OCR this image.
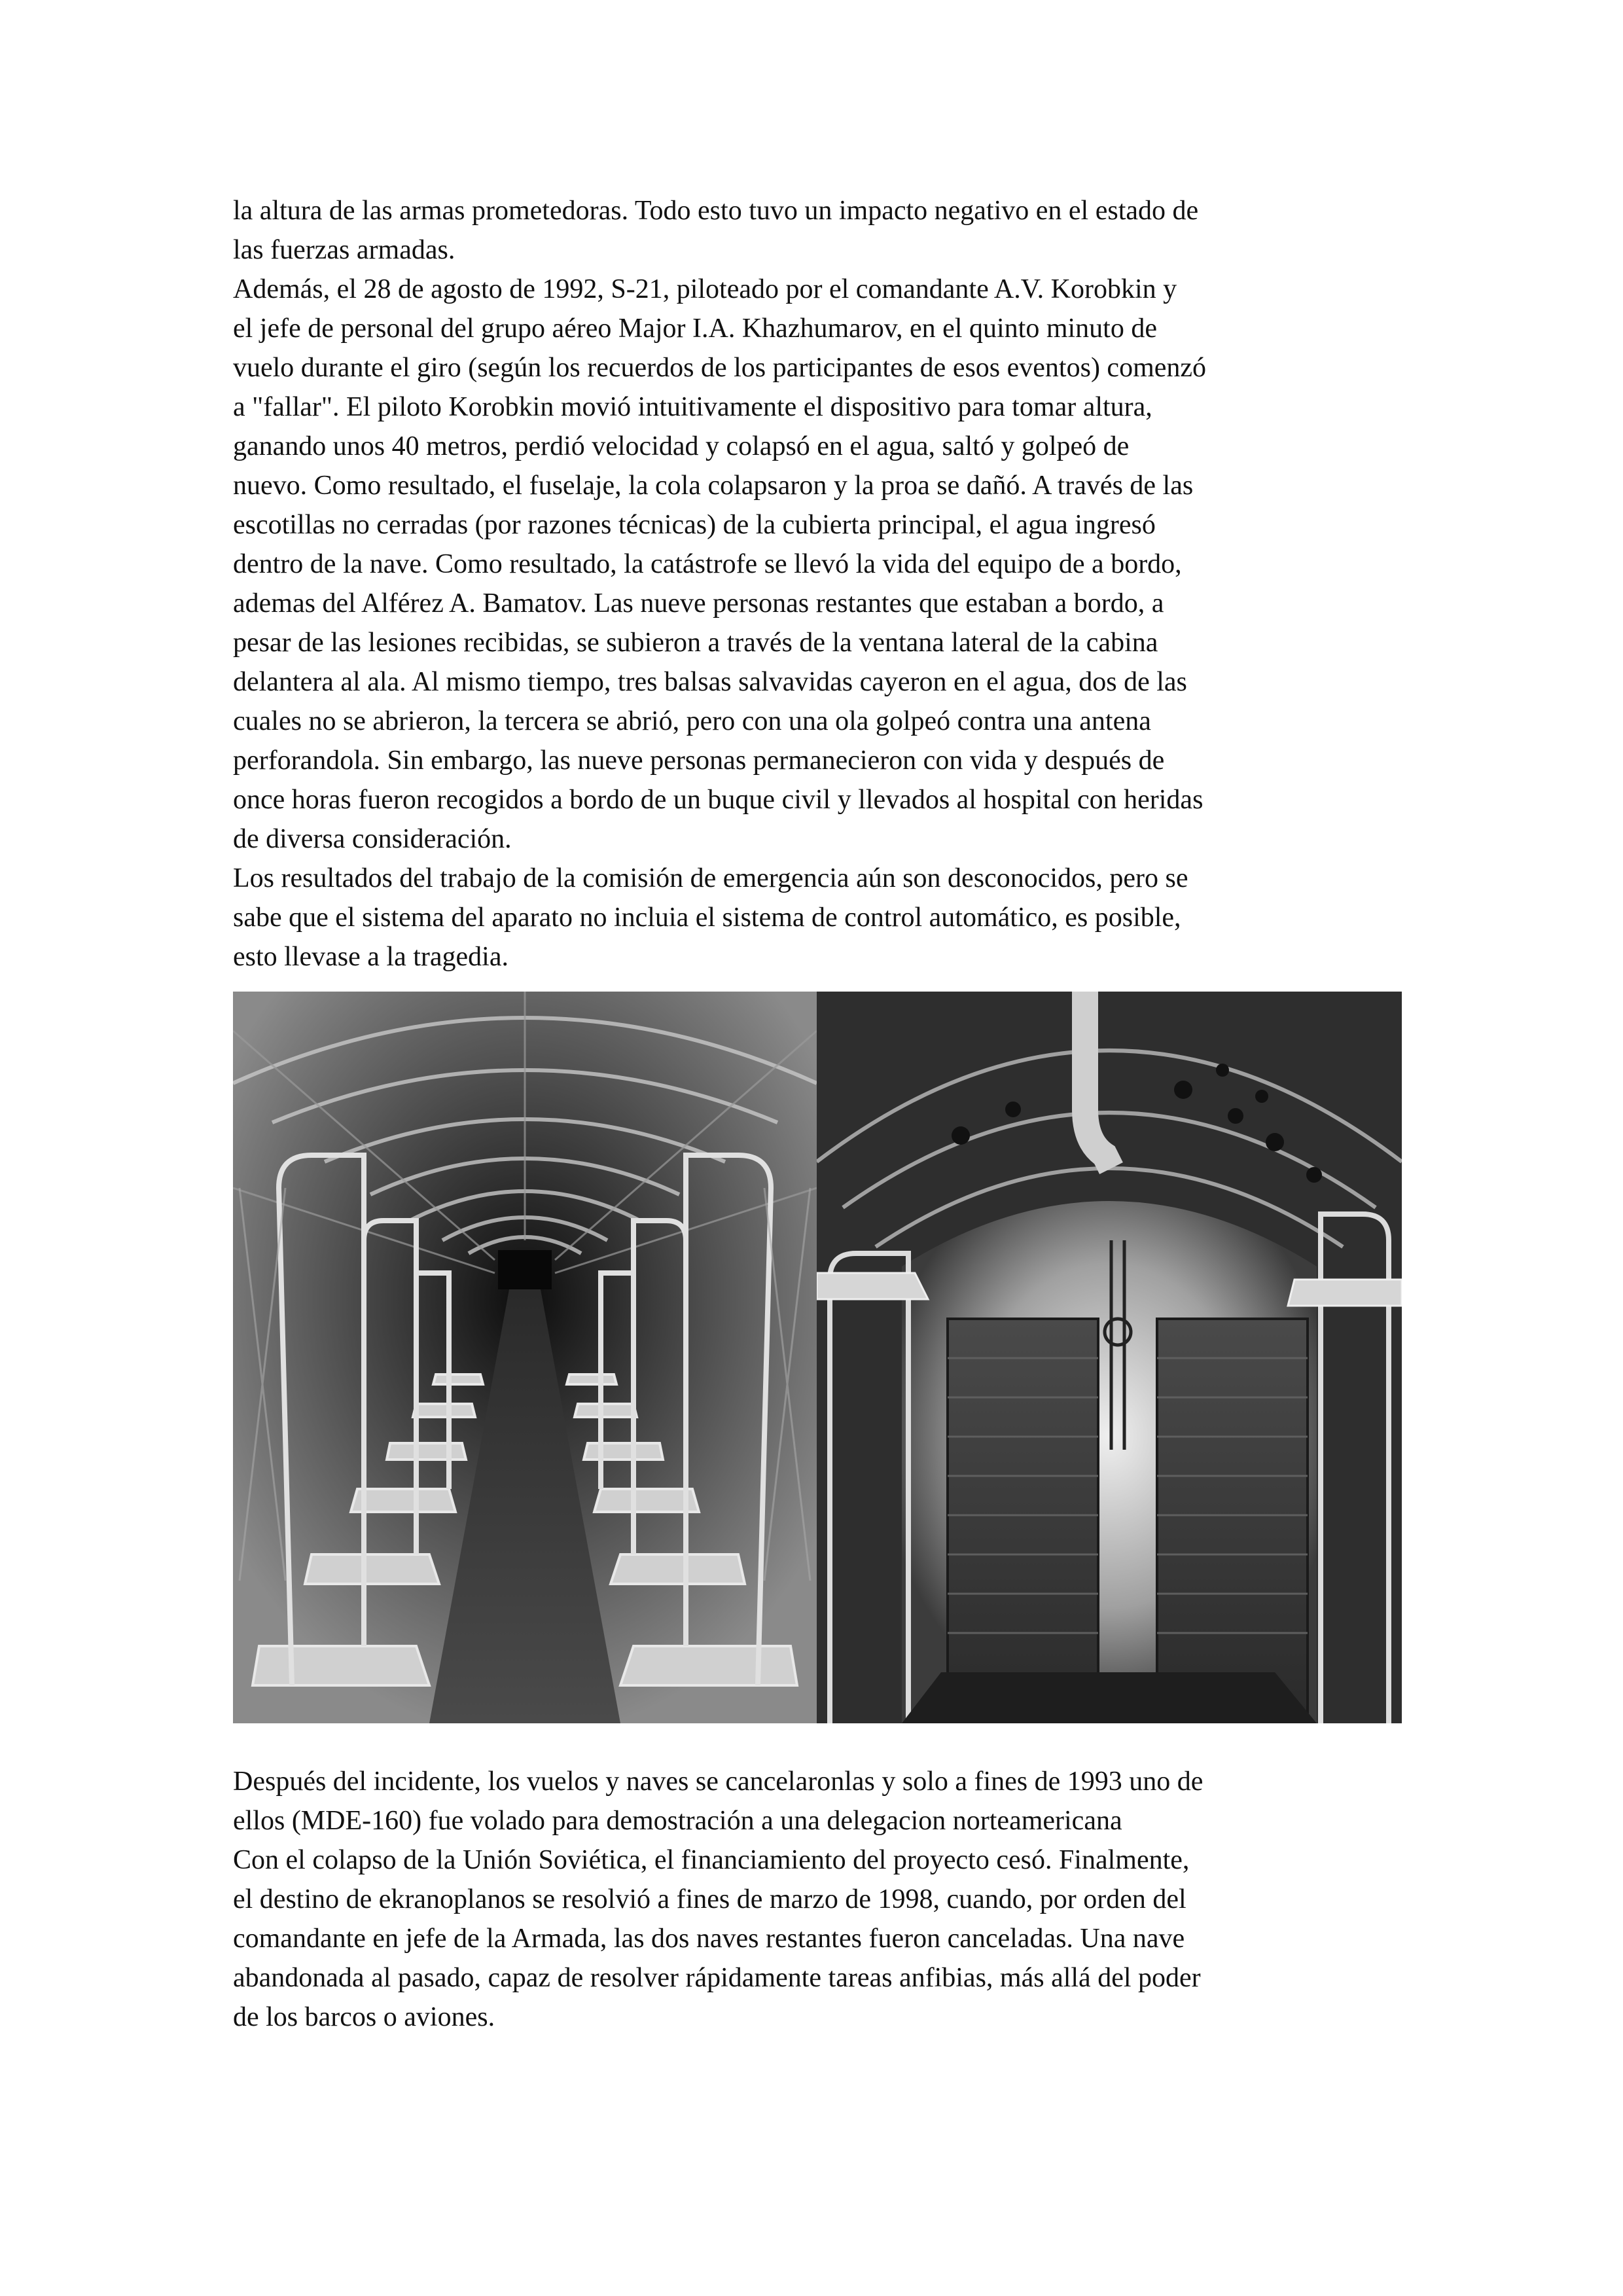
la altura de las armas prometedoras. Todo esto tuvo un impacto negativo en el estado de
las fuerzas armadas.
Además, el 28 de agosto de 1992, S-21, piloteado por el comandante A.V. Korobkin y
el jefe de personal del grupo aéreo Major I.A. Khazhumarov, en el quinto minuto de
vuelo durante el giro (según los recuerdos de los participantes de esos eventos) comenzó
a "fallar". El piloto Korobkin movió intuitivamente el dispositivo para tomar altura,
ganando unos 40 metros, perdió velocidad y colapsó en el agua, saltó y golpeó de
nuevo. Como resultado, el fuselaje, la cola colapsaron y la proa se dañó. A través de las
escotillas no cerradas (por razones técnicas) de la cubierta principal, el agua ingresó
dentro de la nave. Como resultado, la catástrofe se llevó la vida del equipo de a bordo,
ademas del Alférez A. Bamatov. Las nueve personas restantes que estaban a bordo, a
pesar de las lesiones recibidas, se subieron a través de la ventana lateral de la cabina
delantera al ala. Al mismo tiempo, tres balsas salvavidas cayeron en el agua, dos de las
cuales no se abrieron, la tercera se abrió, pero con una ola golpeó contra una antena
perforandola. Sin embargo, las nueve personas permanecieron con vida y después de
once horas fueron recogidos a bordo de un buque civil y llevados al hospital con heridas
de diversa consideración.
Los resultados del trabajo de la comisión de emergencia aún son desconocidos, pero se
sabe que el sistema del aparato no incluia el sistema de control automático, es posible,
esto llevase a la tragedia.
Después del incidente, los vuelos y naves se cancelaronlas y solo a fines de 1993 uno de
ellos (MDE-160) fue volado para demostración a una delegacion norteamericana
Con el colapso de la Unión Soviética, el financiamiento del proyecto cesó. Finalmente,
el destino de ekranoplanos se resolvió a fines de marzo de 1998, cuando, por orden del
comandante en jefe de la Armada, las dos naves restantes fueron canceladas. Una nave
abandonada al pasado, capaz de resolver rápidamente tareas anfibias, más allá del poder
de los barcos o aviones.
